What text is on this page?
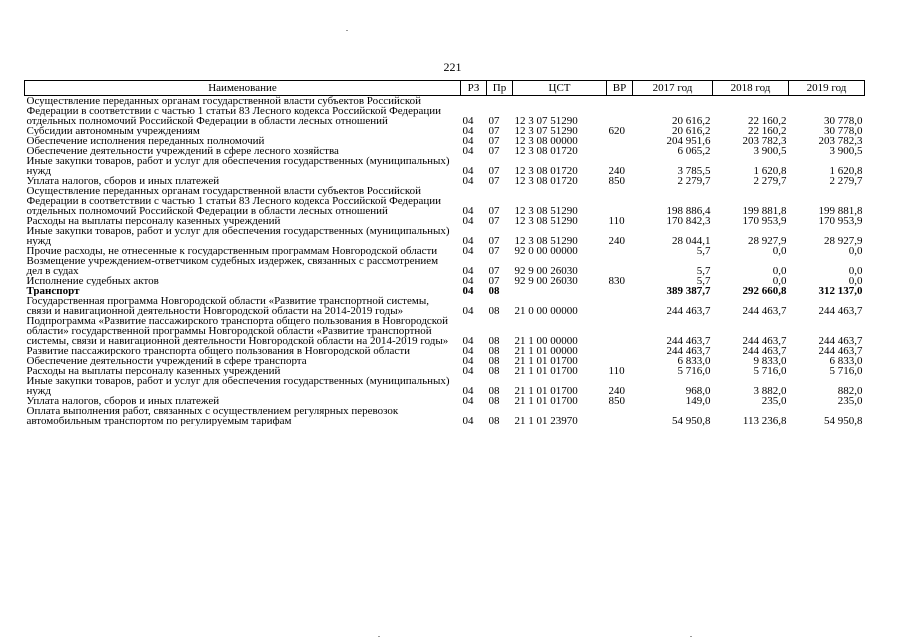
221
Наименование	РЗ	Пр	ЦСТ	ВР	2017 год	2018 год	2019 год
Осуществление переданных органам государственной власти субъектов Российской Федерации в соответствии с частью 1 статьи 83 Лесного кодекса Российской Федерации отдельных полномочий Российской Федерации в области лесных отношений	04	07	12 3 07 51290		20 616,2	22 160,2	30 778,0
Субсидии автономным учреждениям	04	07	12 3 07 51290	620	20 616,2	22 160,2	30 778,0
Обеспечение исполнения переданных полномочий	04	07	12 3 08 00000		204 951,6	203 782,3	203 782,3
Обеспечение деятельности учреждений в сфере лесного хозяйства	04	07	12 3 08 01720		6 065,2	3 900,5	3 900,5
Иные закупки товаров, работ и услуг для обеспечения государственных (муниципальных) нужд	04	07	12 3 08 01720	240	3 785,5	1 620,8	1 620,8
Уплата налогов, сборов и иных платежей	04	07	12 3 08 01720	850	2 279,7	2 279,7	2 279,7
Осуществление переданных органам государственной власти субъектов Российской Федерации в соответствии с частью 1 статьи 83 Лесного кодекса Российской Федерации отдельных полномочий Российской Федерации в области лесных отношений	04	07	12 3 08 51290		198 886,4	199 881,8	199 881,8
Расходы на выплаты персоналу казенных учреждений	04	07	12 3 08 51290	110	170 842,3	170 953,9	170 953,9
Иные закупки товаров, работ и услуг для обеспечения государственных (муниципальных) нужд	04	07	12 3 08 51290	240	28 044,1	28 927,9	28 927,9
Прочие расходы, не отнесенные к государственным программам Новгородской области	04	07	92 0 00 00000		5,7	0,0	0,0
Возмещение учреждением-ответчиком судебных издержек, связанных с рассмотрением дел в судах	04	07	92 9 00 26030		5,7	0,0	0,0
Исполнение судебных актов	04	07	92 9 00 26030	830	5,7	0,0	0,0
Транспорт	04	08			389 387,7	292 660,8	312 137,0
Государственная программа Новгородской области «Развитие транспортной системы, связи и навигационной деятельности Новгородской области на 2014-2019 годы»	04	08	21 0 00 00000		244 463,7	244 463,7	244 463,7
Подпрограмма «Развитие пассажирского транспорта общего пользования в Новгородской области» государственной программы Новгородской области «Развитие транспортной системы, связи и навигационной деятельности Новгородской области на 2014-2019 годы»	04	08	21 1 00 00000		244 463,7	244 463,7	244 463,7
Развитие пассажирского транспорта общего пользования в Новгородской области	04	08	21 1 01 00000		244 463,7	244 463,7	244 463,7
Обеспечение деятельности учреждений в сфере транспорта	04	08	21 1 01 01700		6 833,0	9 833,0	6 833,0
Расходы на выплаты персоналу казенных учреждений	04	08	21 1 01 01700	110	5 716,0	5 716,0	5 716,0
Иные закупки товаров, работ и услуг для обеспечения государственных (муниципальных) нужд	04	08	21 1 01 01700	240	968,0	3 882,0	882,0
Уплата налогов, сборов и иных платежей	04	08	21 1 01 01700	850	149,0	235,0	235,0
Оплата выполнения работ, связанных с осуществлением регулярных перевозок автомобильным транспортом по регулируемым тарифам	04	08	21 1 01 23970		54 950,8	113 236,8	54 950,8
